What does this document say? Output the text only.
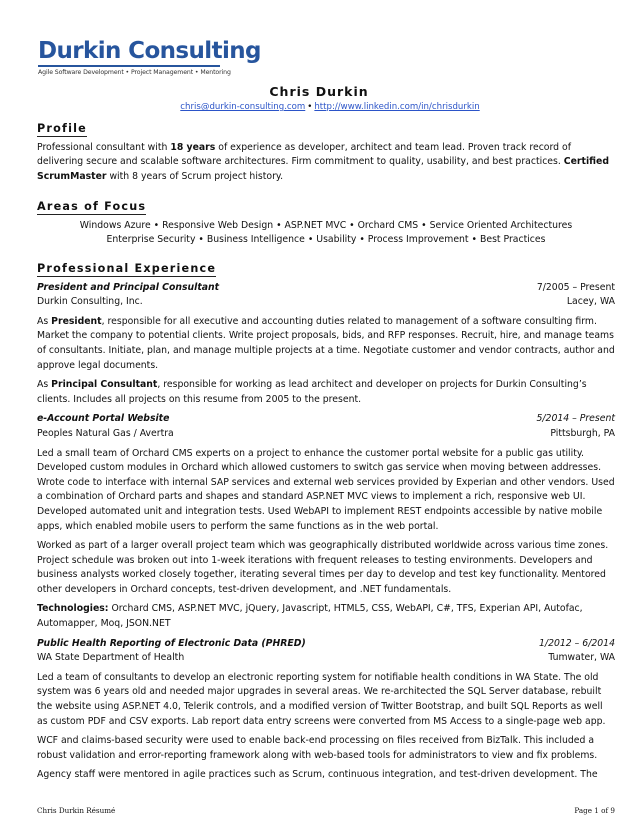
Durkin Consulting
Agile Software Development • Project Management • Mentoring
Chris Durkin
chris@durkin-consulting.com • http://www.linkedin.com/in/chrisdurkin
Profile

Professional consultant with 18 years of experience as developer, architect and team lead. Proven track record of delivering secure and scalable software architectures. Firm commitment to quality, usability, and best practices. Certified ScrumMaster with 8 years of Scrum project history.

Areas of Focus
Windows Azure • Responsive Web Design • ASP.NET MVC • Orchard CMS • Service Oriented Architectures
Enterprise Security • Business Intelligence • Usability • Process Improvement • Best Practices
Professional Experience
President and Principal Consultant	7/2005 – Present
Durkin Consulting, Inc.	Lacey, WA

As President, responsible for all executive and accounting duties related to management of a software consulting firm. Market the company to potential clients. Write project proposals, bids, and RFP responses. Recruit, hire, and manage teams of consultants. Initiate, plan, and manage multiple projects at a time. Negotiate customer and vendor contracts, author and approve legal documents.

As Principal Consultant, responsible for working as lead architect and developer on projects for Durkin Consulting’s clients. Includes all projects on this resume from 2005 to the present.

e-Account Portal Website	5/2014 – Present
Peoples Natural Gas / Avertra	Pittsburgh, PA

Led a small team of Orchard CMS experts on a project to enhance the customer portal website for a public gas utility. Developed custom modules in Orchard which allowed customers to switch gas service when moving between addresses. Wrote code to interface with internal SAP services and external web services provided by Experian and other vendors. Used a combination of Orchard parts and shapes and standard ASP.NET MVC views to implement a rich, responsive web UI. Developed automated unit and integration tests. Used WebAPI to implement REST endpoints accessible by native mobile apps, which enabled mobile users to perform the same functions as in the web portal.

Worked as part of a larger overall project team which was geographically distributed worldwide across various time zones. Project schedule was broken out into 1-week iterations with frequent releases to testing environments. Developers and business analysts worked closely together, iterating several times per day to develop and test key functionality. Mentored other developers in Orchard concepts, test-driven development, and .NET fundamentals.

Technologies: Orchard CMS, ASP.NET MVC, jQuery, Javascript, HTML5, CSS, WebAPI, C#, TFS, Experian API, Autofac, Automapper, Moq, JSON.NET

Public Health Reporting of Electronic Data (PHRED)	1/2012 – 6/2014
WA State Department of Health	Tumwater, WA

Led a team of consultants to develop an electronic reporting system for notifiable health conditions in WA State. The old system was 6 years old and needed major upgrades in several areas. We re-architected the SQL Server database, rebuilt the website using ASP.NET 4.0, Telerik controls, and a modified version of Twitter Bootstrap, and built SQL Reports as well as custom PDF and CSV exports. Lab report data entry screens were converted from MS Access to a single-page web app.

WCF and claims-based security were used to enable back-end processing on files received from BizTalk. This included a robust validation and error-reporting framework along with web-based tools for administrators to view and fix problems.

Agency staff were mentored in agile practices such as Scrum, continuous integration, and test-driven development. The

Chris Durkin Résumé	Page 1 of 9
